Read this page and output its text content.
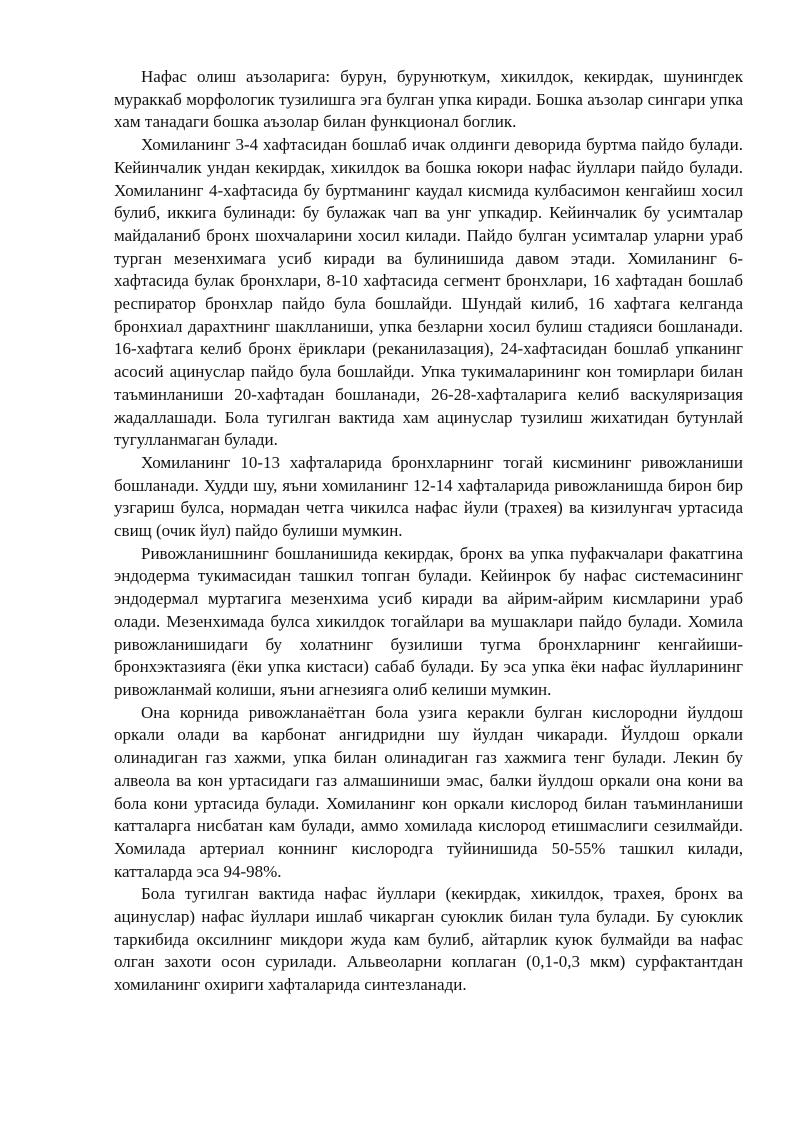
Нафас олиш аъзоларига: бурун, бурунюткум, хикилдок, кекирдак, шунингдек мураккаб морфологик тузилишга эга булган упка киради. Бошка аъзолар сингари упка хам танадаги бошка аъзолар билан функционал боглик.

Хомиланинг 3-4 хафтасидан бошлаб ичак олдинги деворида буртма пайдо булади. Кейинчалик ундан кекирдак, хикилдок ва бошка юкори нафас йуллари пайдо булади. Хомиланинг 4-хафтасида бу буртманинг каудал кисмида кулбасимон кенгайиш хосил булиб, иккига булинади: бу булажак чап ва унг упкадир. Кейинчалик бу усимталар майдаланиб бронх шохчаларини хосил килади. Пайдо булган усимталар уларни ураб турган мезенхимага усиб киради ва булинишида давом этади. Хомиланинг 6-хафтасида булак бронхлари, 8-10 хафтасида сегмент бронхлари, 16 хафтадан бошлаб респиратор бронхлар пайдо була бошлайди. Шундай килиб, 16 хафтага келганда бронхиал дарахтнинг шаклланиши, упка безларни хосил булиш стадияси бошланади. 16-хафтага келиб бронх ёриклари (реканилазация), 24-хафтасидан бошлаб упканинг асосий ацинуслар пайдо була бошлайди. Упка тукималарининг кон томирлари билан таъминланиши 20-хафтадан бошланади, 26-28-хафталарига келиб васкуляризация жадаллашади. Бола тугилган вактида хам ацинуслар тузилиш жихатидан бутунлай тугулланмаган булади.

Хомиланинг 10-13 хафталарида бронхларнинг тогай кисмининг ривожланиши бошланади. Худди шу, яъни хомиланинг 12-14 хафталарида ривожланишда бирон бир узгариш булса, нормадан четга чикилса нафас йули (трахея) ва кизилунгач уртасида свищ (очик йул) пайдо булиши мумкин.

Ривожланишнинг бошланишида кекирдак, бронх ва упка пуфакчалари факатгина эндодерма тукимасидан ташкил топган булади. Кейинрок бу нафас системасининг эндодермал муртагига мезенхима усиб киради ва айрим-айрим кисмларини ураб олади. Мезенхимада булса хикилдок тогайлари ва мушаклари пайдо булади. Хомила ривожланишидаги бу холатнинг бузилиши тугма бронхларнинг кенгайиши-бронхэктазияга (ёки упка кистаси) сабаб булади. Бу эса упка ёки нафас йулларининг ривожланмай колиши, яъни агнезияга олиб келиши мумкин.

Она корнида ривожланаётган бола узига керакли булган кислородни йулдош оркали олади ва карбонат ангидридни шу йулдан чикаради. Йулдош оркали олинадиган газ хажми, упка билан олинадиган газ хажмига тенг булади. Лекин бу алвеола ва кон уртасидаги газ алмашиниши эмас, балки йулдош оркали она кони ва бола кони уртасида булади. Хомиланинг кон оркали кислород билан таъминланиши катталарга нисбатан кам булади, аммо хомилада кислород етишмаслиги сезилмайди. Хомилада артериал коннинг кислородга туйинишида 50-55% ташкил килади, катталарда эса 94-98%.

Бола тугилган вактида нафас йуллари (кекирдак, хикилдок, трахея, бронх ва ацинуслар) нафас йуллари ишлаб чикарган суюклик билан тула булади. Бу суюклик таркибида оксилнинг микдори жуда кам булиб, айтарлик куюк булмайди ва нафас олган захоти осон сурилади. Альвеоларни коплаган (0,1-0,3 мкм) сурфактантдан хомиланинг охириги хафталарида синтезланади.
